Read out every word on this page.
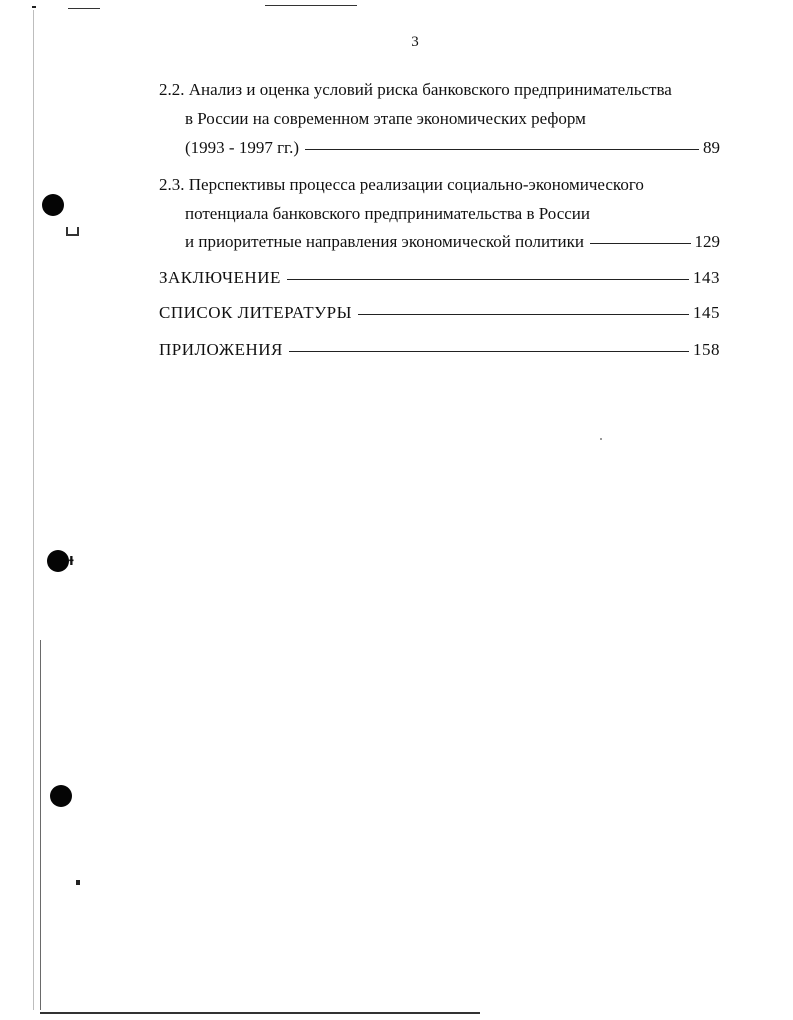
ᵼ
3
2.2. Анализ и оценка условий риска банковского предпринимательства
в России на современном этапе экономических реформ
(1993 - 1997 гг.)	89
2.3. Перспективы процесса реализации социально-экономического
потенциала банковского предпринимательства в России
и приоритетные направления экономической политики	129
ЗАКЛЮЧЕНИЕ	143
СПИСОК ЛИТЕРАТУРЫ	145
ПРИЛОЖЕНИЯ	158
